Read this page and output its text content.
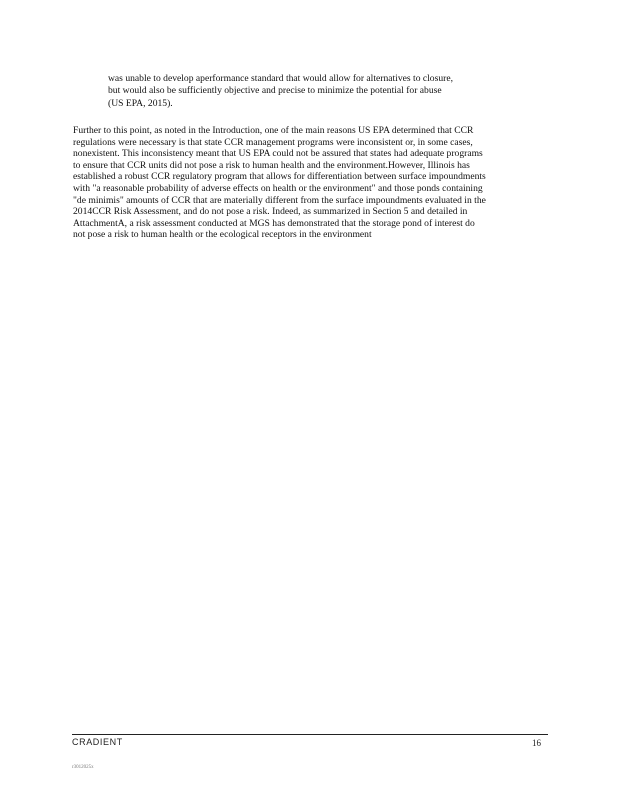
was unable to develop aperformance standard that would allow for alternatives to closure,
but would also be sufficiently objective and precise to minimize the potential for abuse
(US EPA, 2015).
Further to this point, as noted in the Introduction, one of the main reasons US EPA determined that CCR
regulations were necessary is that state CCR management programs were inconsistent or, in some cases,
nonexistent. This inconsistency meant that US EPA could not be assured that states had adequate programs
to ensure that CCR units did not pose a risk to human health and the environment.However, Illinois has
established a robust CCR regulatory program that allows for differentiation between surface impoundments
with "a reasonable probability of adverse effects on health or the environment" and those ponds containing
"de minimis" amounts of CCR that are materially different from the surface impoundments evaluated in the
2014CCR Risk Assessment, and do not pose a risk. Indeed, as summarized in Section 5 and detailed in
AttachmentA, a risk assessment conducted at MGS has demonstrated that the storage pond of interest do
not pose a risk to human health or the ecological receptors in the environment
CRADIENT	16
r3012025x
